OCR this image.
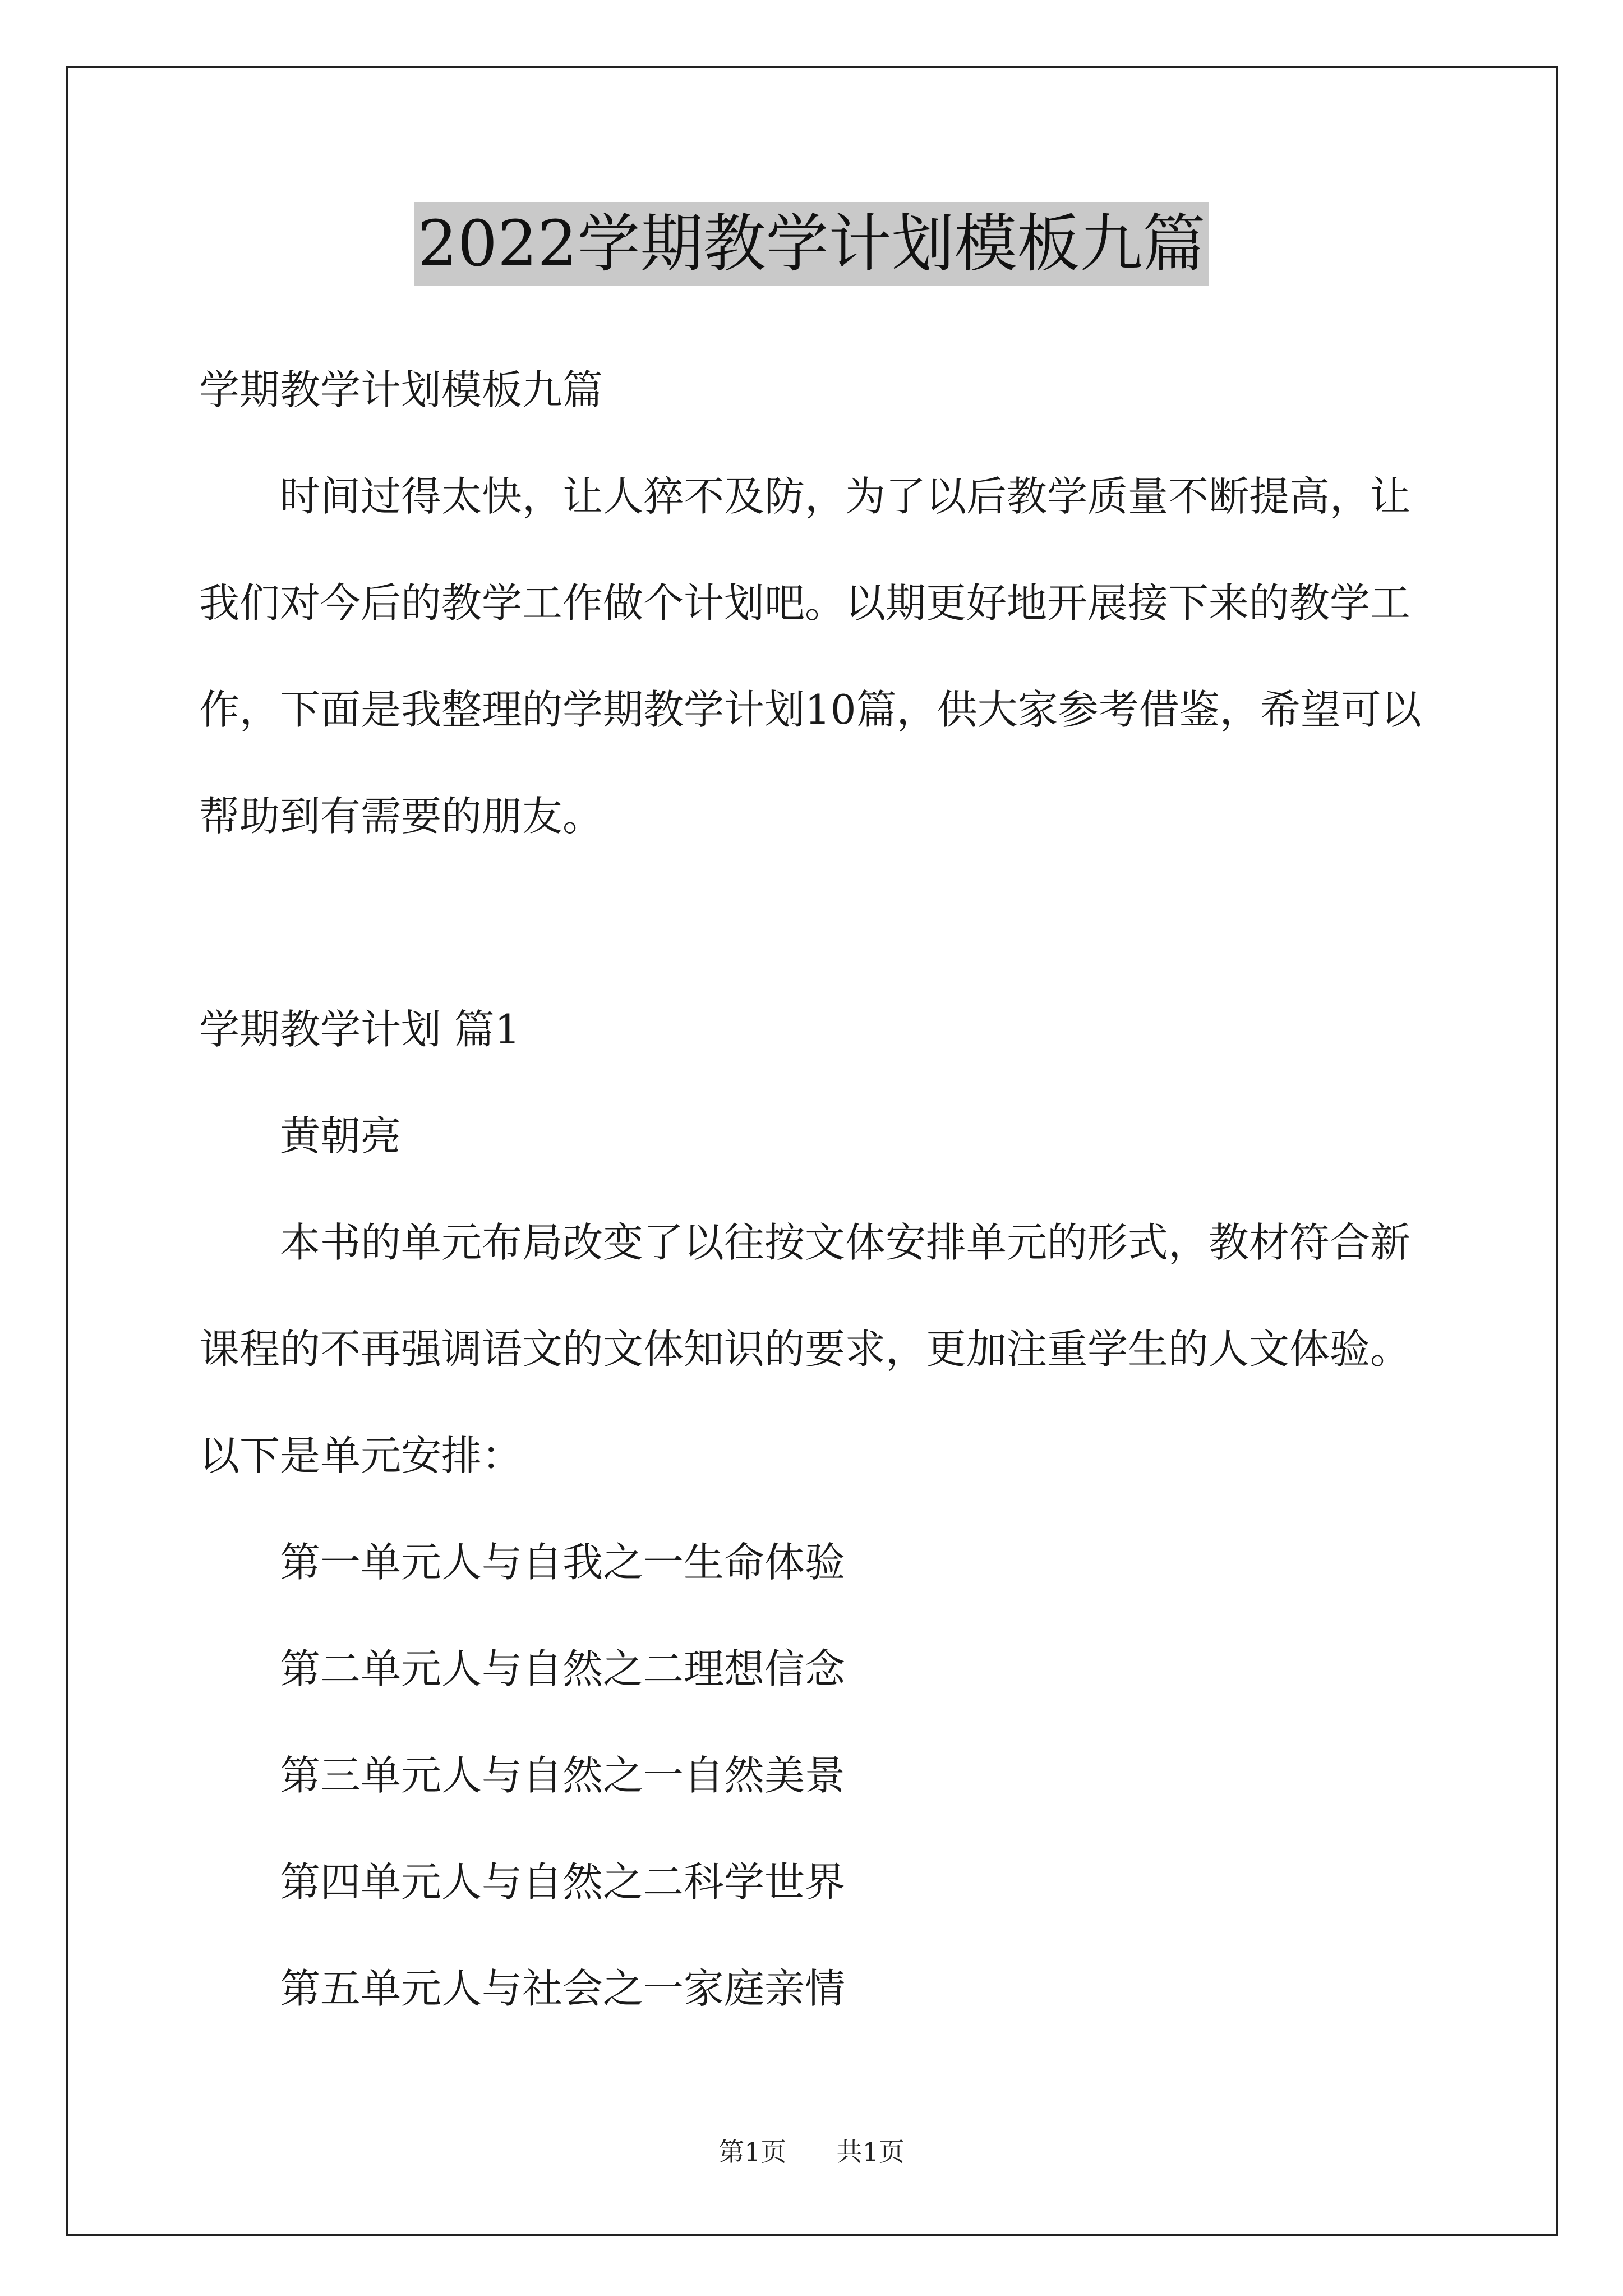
2022学期教学计划模板九篇

学期教学计划模板九篇

时间过得太快，让人猝不及防，为了以后教学质量不断提高，让我们对今后的教学工作做个计划吧。以期更好地开展接下来的教学工作，下面是我整理的学期教学计划10篇，供大家参考借鉴，希望可以帮助到有需要的朋友。

学期教学计划 篇1

黄朝亮

本书的单元布局改变了以往按文体安排单元的形式，教材符合新课程的不再强调语文的文体知识的要求，更加注重学生的人文体验。以下是单元安排：

第一单元人与自我之一生命体验

第二单元人与自然之二理想信念

第三单元人与自然之一自然美景

第四单元人与自然之二科学世界

第五单元人与社会之一家庭亲情

第1页 共1页
